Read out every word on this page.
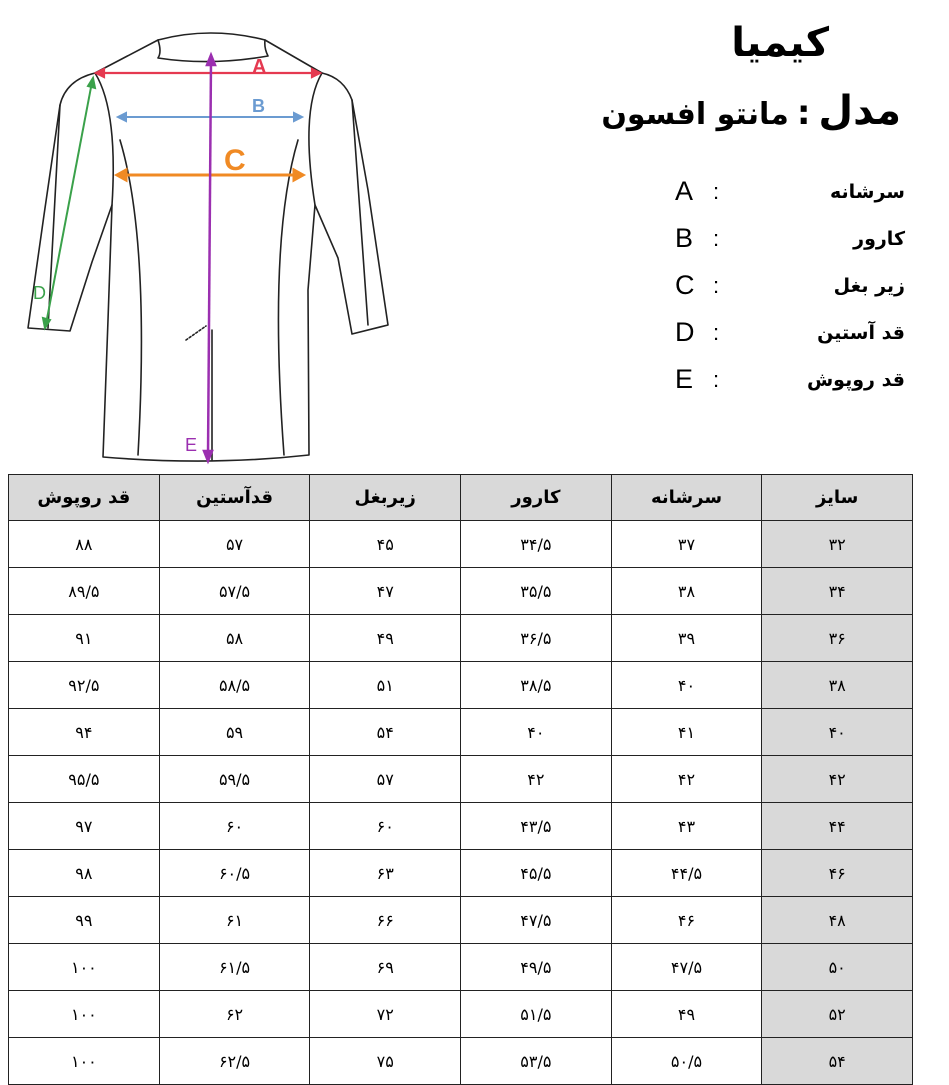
A
B
C
D
E
کیمیا
مدل:مانتو افسون
A :	سرشانه
B :	کارور
C :	زیر بغل
D :	قد آستین
E :	قد روپوش
سایز	سرشانه	کارور	زیربغل	قدآستین	قد روپوش
۳۲	۳۷	۳۴/۵	۴۵	۵۷	۸۸
۳۴	۳۸	۳۵/۵	۴۷	۵۷/۵	۸۹/۵
۳۶	۳۹	۳۶/۵	۴۹	۵۸	۹۱
۳۸	۴۰	۳۸/۵	۵۱	۵۸/۵	۹۲/۵
۴۰	۴۱	۴۰	۵۴	۵۹	۹۴
۴۲	۴۲	۴۲	۵۷	۵۹/۵	۹۵/۵
۴۴	۴۳	۴۳/۵	۶۰	۶۰	۹۷
۴۶	۴۴/۵	۴۵/۵	۶۳	۶۰/۵	۹۸
۴۸	۴۶	۴۷/۵	۶۶	۶۱	۹۹
۵۰	۴۷/۵	۴۹/۵	۶۹	۶۱/۵	۱۰۰
۵۲	۴۹	۵۱/۵	۷۲	۶۲	۱۰۰
۵۴	۵۰/۵	۵۳/۵	۷۵	۶۲/۵	۱۰۰
